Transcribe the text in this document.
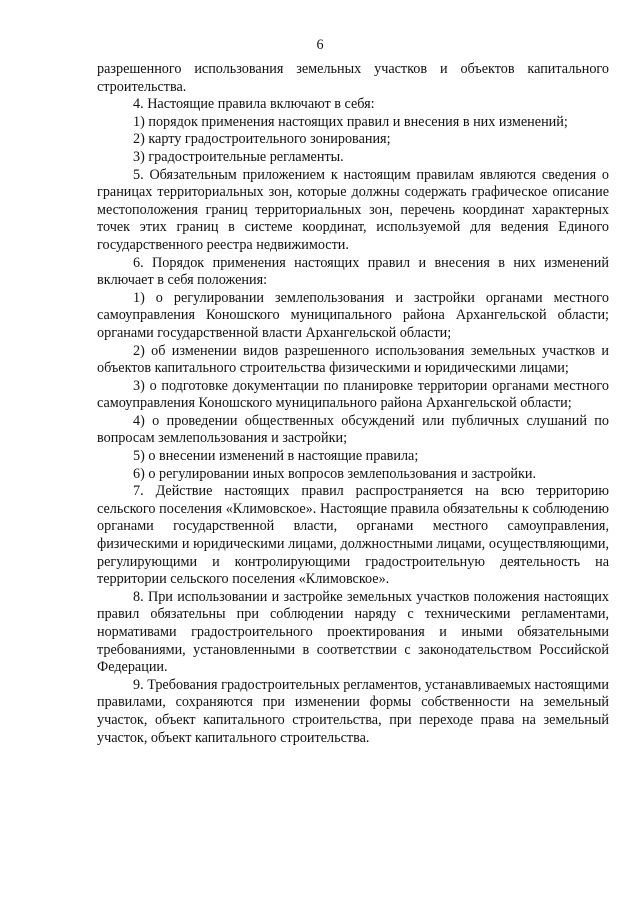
6

разрешенного использования земельных участков и объектов капитального строительства.

4. Настоящие правила включают в себя:

1) порядок применения настоящих правил и внесения в них изменений;

2) карту градостроительного зонирования;

3) градостроительные регламенты.

5. Обязательным приложением к настоящим правилам являются сведения о границах территориальных зон, которые должны содержать графическое описание местоположения границ территориальных зон, перечень координат характерных точек этих границ в системе координат, используемой для ведения Единого государственного реестра недвижимости.

6. Порядок применения настоящих правил и внесения в них изменений включает в себя положения:

1) о регулировании землепользования и застройки органами местного самоуправления Коношского муниципального района Архангельской области; органами государственной власти Архангельской области;

2) об изменении видов разрешенного использования земельных участков и объектов капитального строительства физическими и юридическими лицами;

3) о подготовке документации по планировке территории органами местного самоуправления Коношского муниципального района Архангельской области;

4) о проведении общественных обсуждений или публичных слушаний по вопросам землепользования и застройки;

5) о внесении изменений в настоящие правила;

6) о регулировании иных вопросов землепользования и застройки.

7. Действие настоящих правил распространяется на всю территорию сельского поселения «Климовское». Настоящие правила обязательны к соблюдению органами государственной власти, органами местного самоуправления, физическими и юридическими лицами, должностными лицами, осуществляющими, регулирующими и контролирующими градостроительную деятельность на территории сельского поселения «Климовское».

8. При использовании и застройке земельных участков положения настоящих правил обязательны при соблюдении наряду с техническими регламентами, нормативами градостроительного проектирования и иными обязательными требованиями, установленными в соответствии с законодательством Российской Федерации.

9. Требования градостроительных регламентов, устанавливаемых настоящими правилами, сохраняются при изменении формы собственности на земельный участок, объект капитального строительства, при переходе права на земельный участок, объект капитального строительства.
